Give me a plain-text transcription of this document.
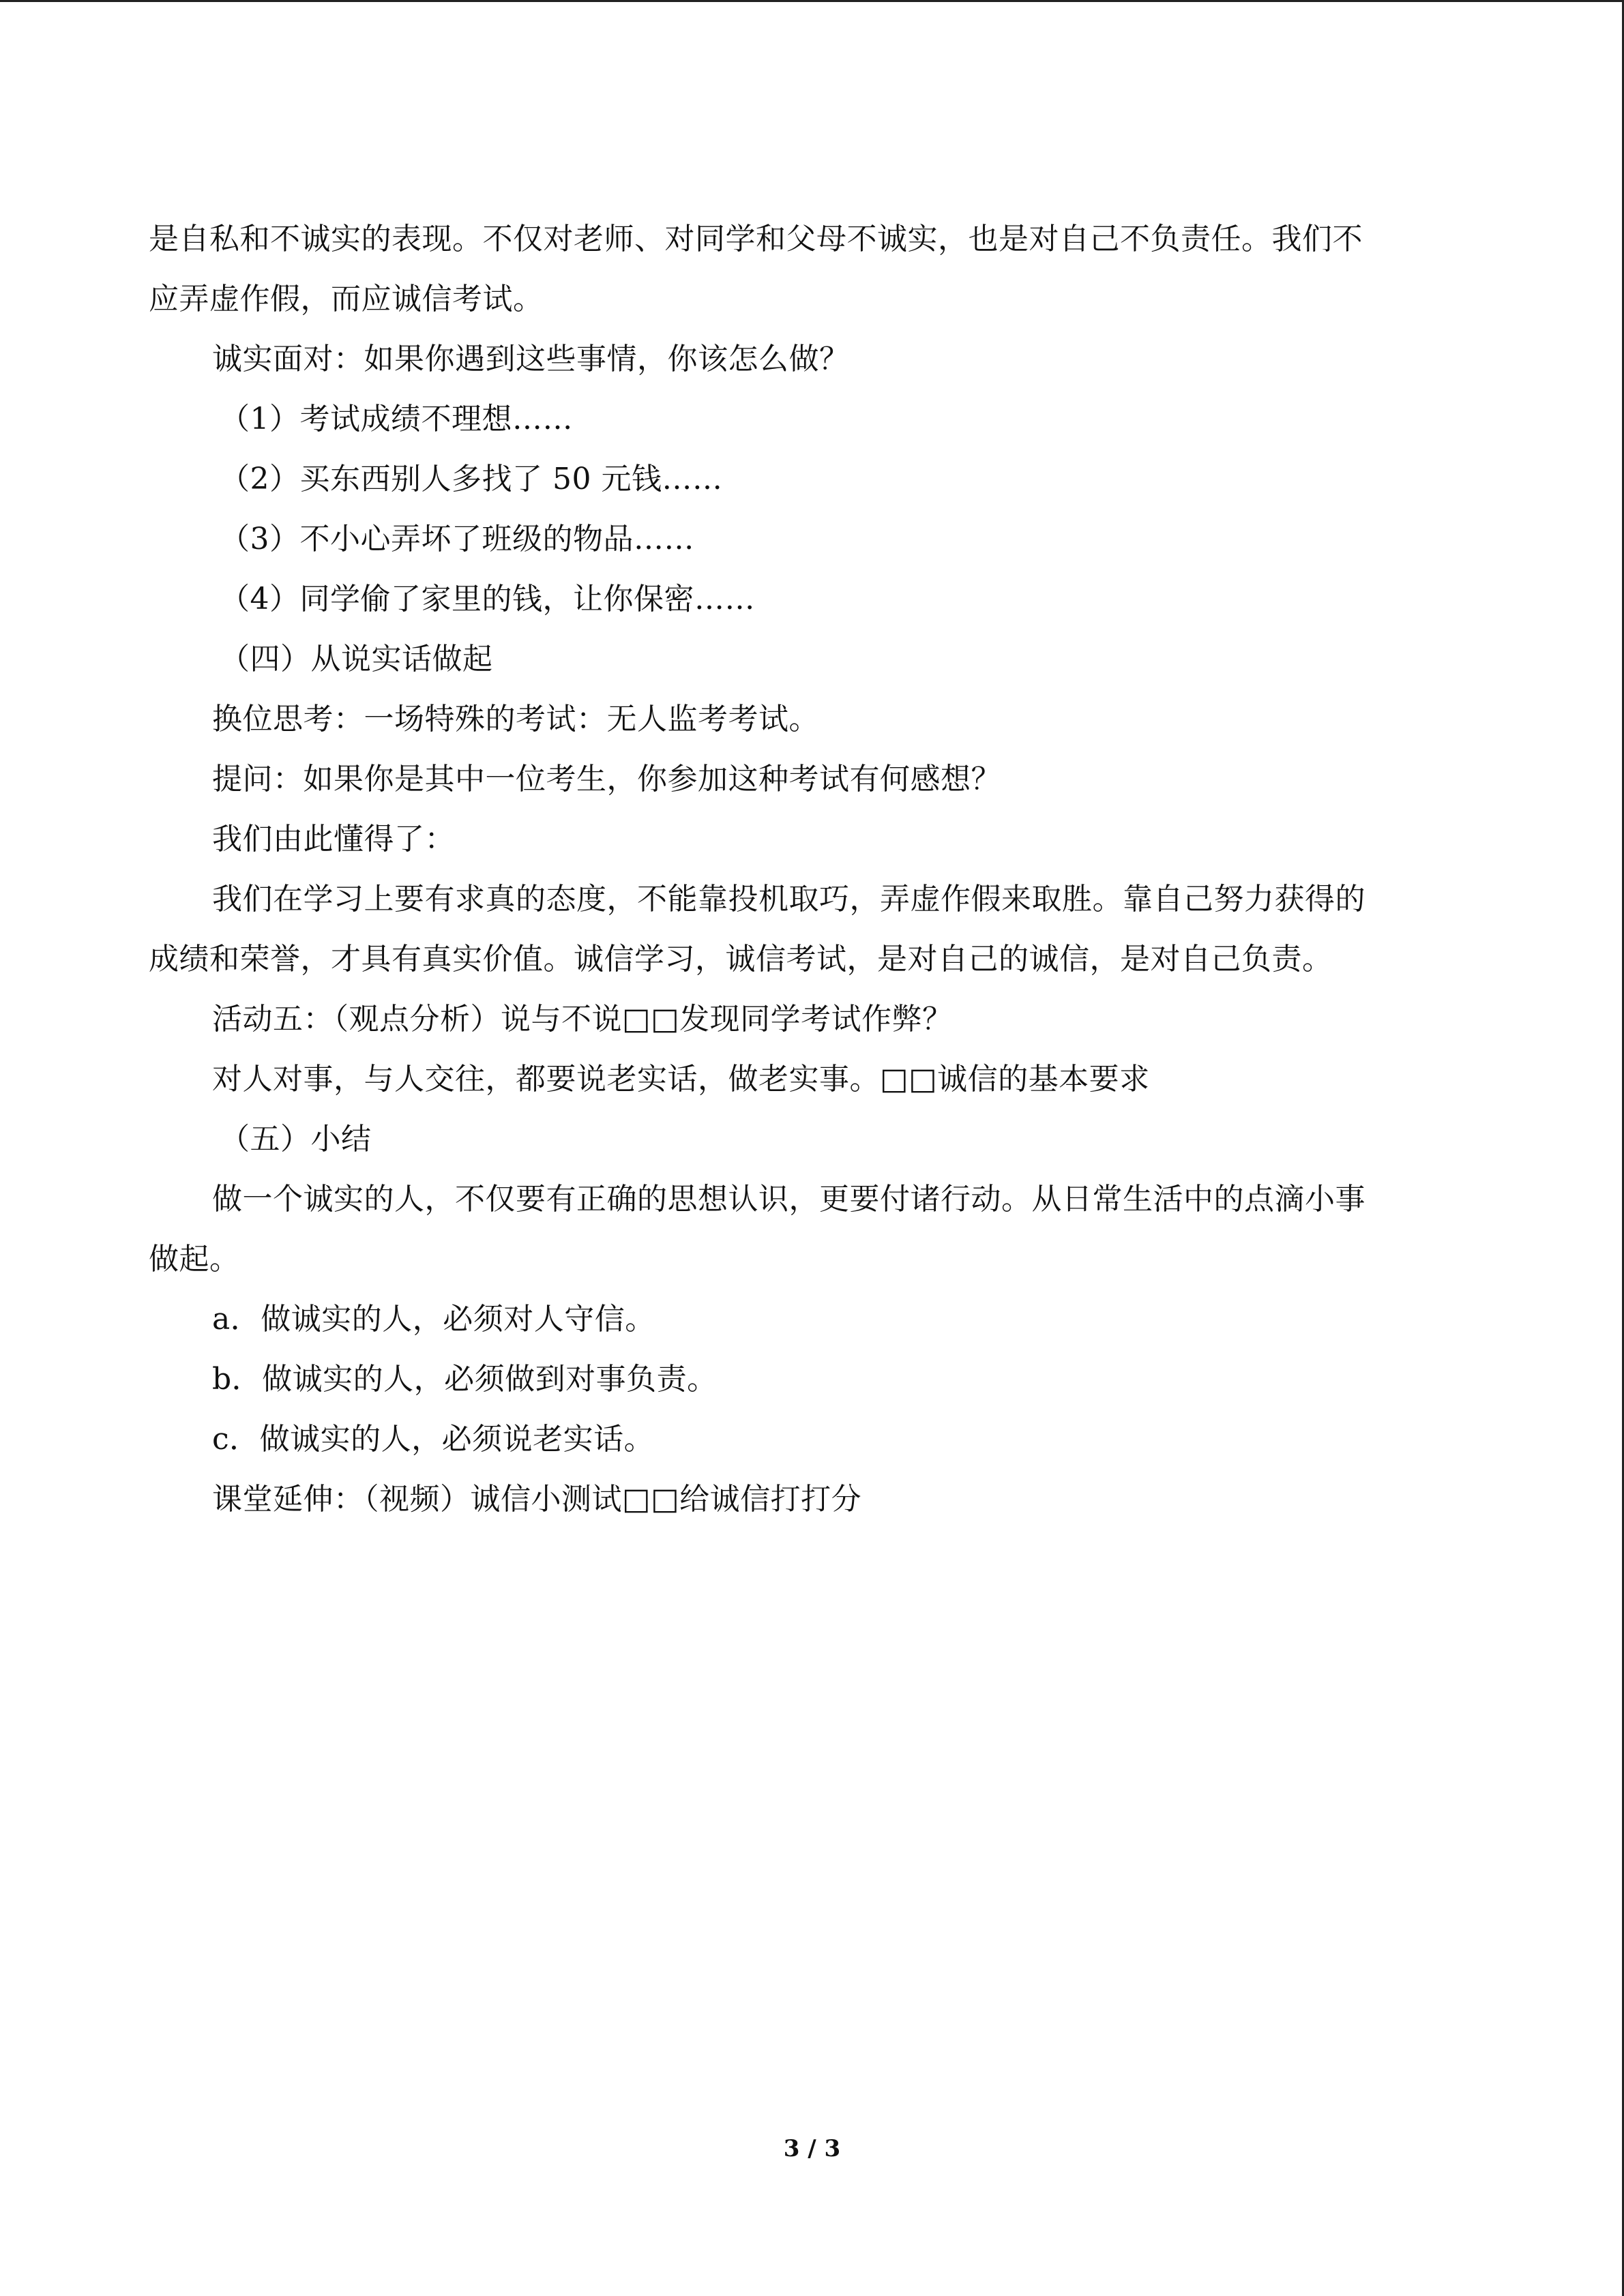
是自私和不诚实的表现。不仅对老师、对同学和父母不诚实，也是对自己不负责任。我们不
应弄虚作假，而应诚信考试。
诚实面对：如果你遇到这些事情，你该怎么做？
（1）考试成绩不理想……
（2）买东西别人多找了 50 元钱……
（3）不小心弄坏了班级的物品……
（4）同学偷了家里的钱，让你保密……
（四）从说实话做起
换位思考：一场特殊的考试：无人监考考试。
提问：如果你是其中一位考生，你参加这种考试有何感想？
我们由此懂得了：
我们在学习上要有求真的态度，不能靠投机取巧，弄虚作假来取胜。靠自己努力获得的
成绩和荣誉，才具有真实价值。诚信学习，诚信考试，是对自己的诚信，是对自己负责。
活动五：（观点分析）说与不说□□发现同学考试作弊？
对人对事，与人交往，都要说老实话，做老实事。□□诚信的基本要求
（五）小结
做一个诚实的人，不仅要有正确的思想认识，更要付诸行动。从日常生活中的点滴小事
做起。
a．做诚实的人，必须对人守信。
b．做诚实的人，必须做到对事负责。
c．做诚实的人，必须说老实话。
课堂延伸：（视频）诚信小测试□□给诚信打打分
3 / 3
